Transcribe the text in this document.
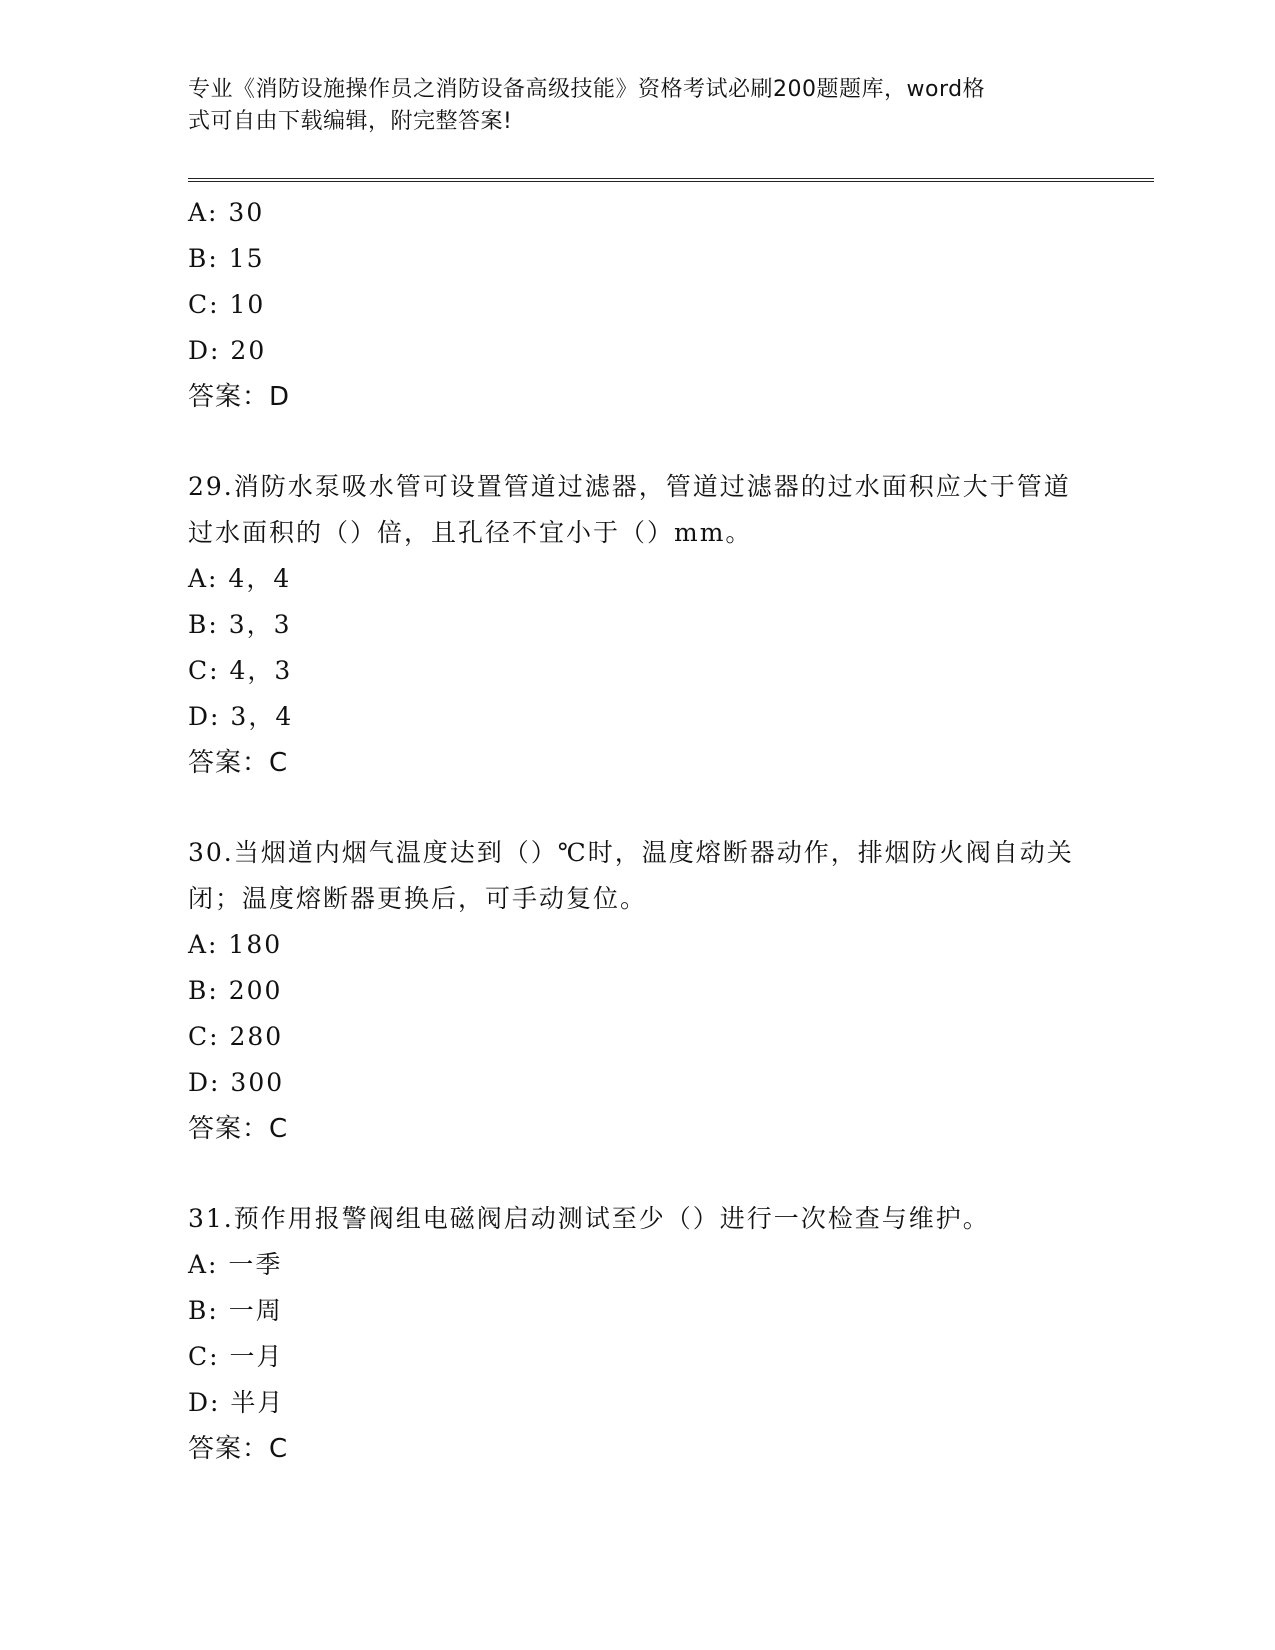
专业《消防设施操作员之消防设备高级技能》资格考试必刷200题题库，word格
式可自由下载编辑，附完整答案!
A: 30
B: 15
C: 10
D: 20
答案：D
29.消防水泵吸水管可设置管道过滤器，管道过滤器的过水面积应大于管道过水面积的（）倍，且孔径不宜小于（）mm。
A: 4，4
B: 3，3
C: 4，3
D: 3，4
答案：C
30.当烟道内烟气温度达到（）℃时，温度熔断器动作，排烟防火阀自动关闭；温度熔断器更换后，可手动复位。
A: 180
B: 200
C: 280
D: 300
答案：C
31.预作用报警阀组电磁阀启动测试至少（）进行一次检查与维护。
A: 一季
B: 一周
C: 一月
D: 半月
答案：C
